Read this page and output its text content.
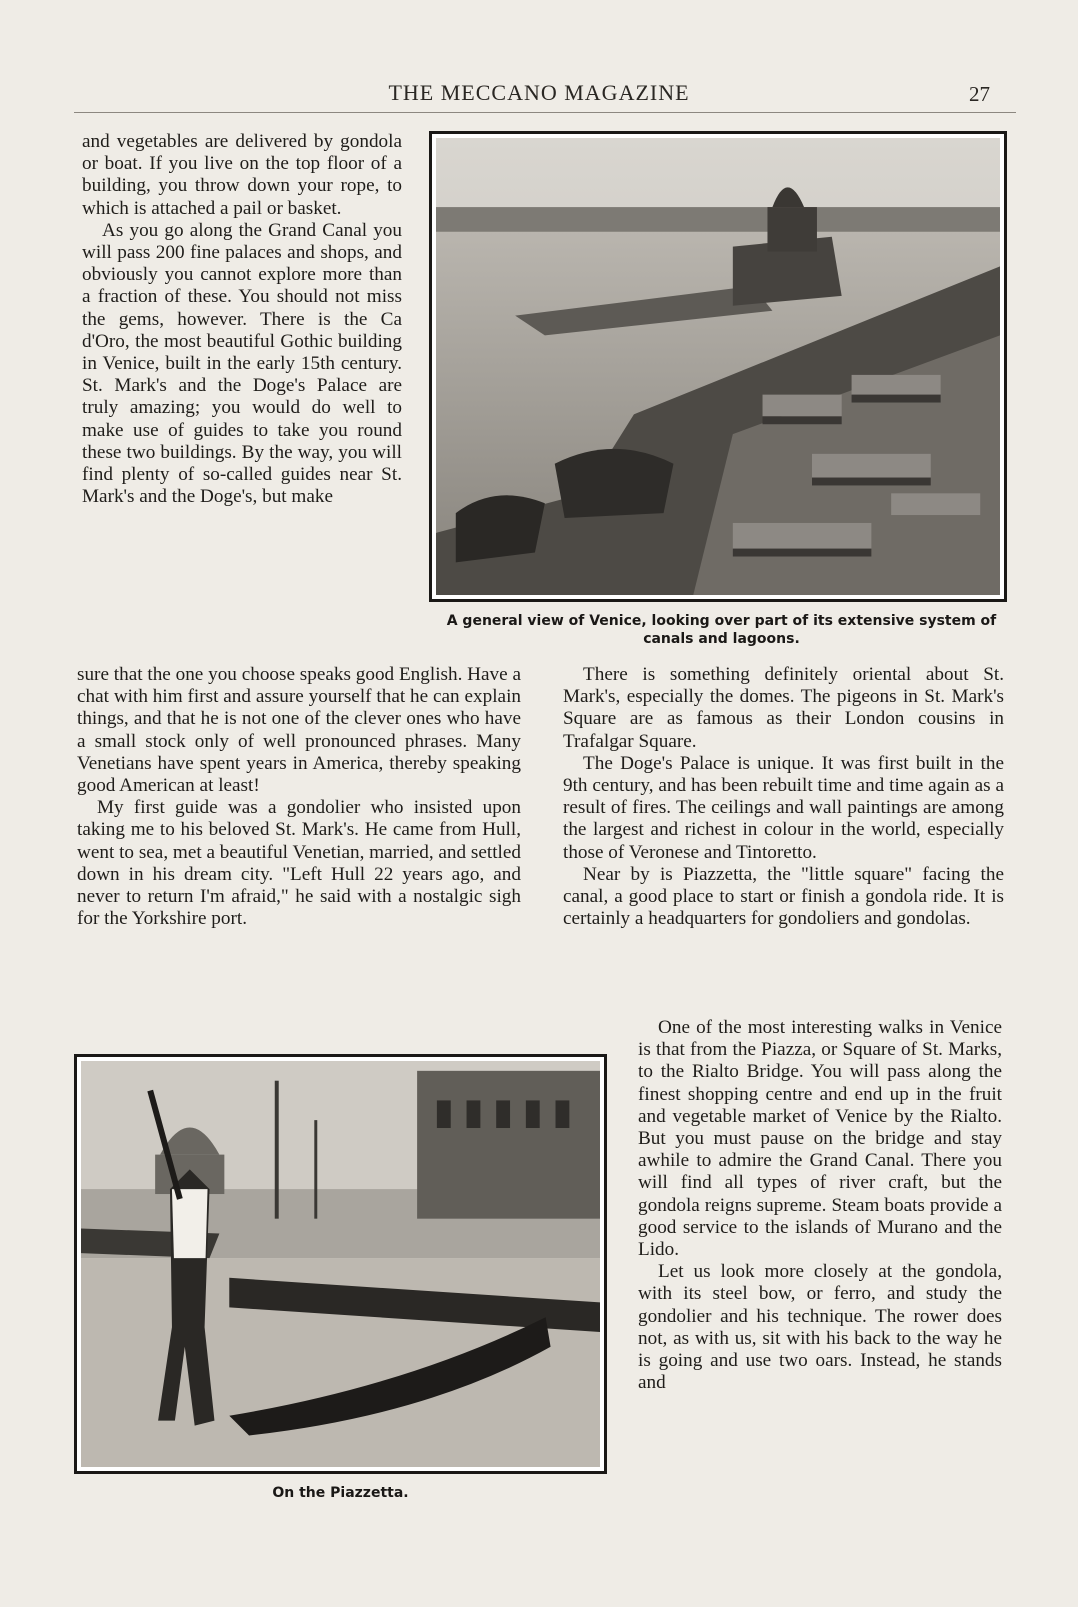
THE MECCANO MAGAZINE	27

and vegetables are delivered by gondola or boat. If you live on the top floor of a building, you throw down your rope, to which is attached a pail or basket.

As you go along the Grand Canal you will pass 200 fine palaces and shops, and obviously you cannot explore more than a fraction of these. You should not miss the gems, however. There is the Ca d'Oro, the most beautiful Gothic building in Venice, built in the early 15th century. St. Mark's and the Doge's Palace are truly amazing; you would do well to make use of guides to take you round these two buildings. By the way, you will find plenty of so-called guides near St. Mark's and the Doge's, but make

A general view of Venice, looking over part of its extensive system of canals and lagoons.

sure that the one you choose speaks good English. Have a chat with him first and assure yourself that he can explain things, and that he is not one of the clever ones who have a small stock only of well pronounced phrases. Many Venetians have spent years in America, thereby speaking good American at least!

My first guide was a gondolier who insisted upon taking me to his beloved St. Mark's. He came from Hull, went to sea, met a beautiful Venetian, married, and settled down in his dream city. "Left Hull 22 years ago, and never to return I'm afraid," he said with a nostalgic sigh for the Yorkshire port.

There is something definitely oriental about St. Mark's, especially the domes. The pigeons in St. Mark's Square are as famous as their London cousins in Trafalgar Square.

The Doge's Palace is unique. It was first built in the 9th century, and has been rebuilt time and time again as a result of fires. The ceilings and wall paintings are among the largest and richest in colour in the world, especially those of Veronese and Tintoretto.

Near by is Piazzetta, the "little square" facing the canal, a good place to start or finish a gondola ride. It is certainly a headquarters for gondoliers and gondolas.

On the Piazzetta.

One of the most interesting walks in Venice is that from the Piazza, or Square of St. Marks, to the Rialto Bridge. You will pass along the finest shopping centre and end up in the fruit and vegetable market of Venice by the Rialto. But you must pause on the bridge and stay awhile to admire the Grand Canal. There you will find all types of river craft, but the gondola reigns supreme. Steam boats provide a good service to the islands of Murano and the Lido.

Let us look more closely at the gondola, with its steel bow, or ferro, and study the gondolier and his technique. The rower does not, as with us, sit with his back to the way he is going and use two oars. Instead, he stands and
